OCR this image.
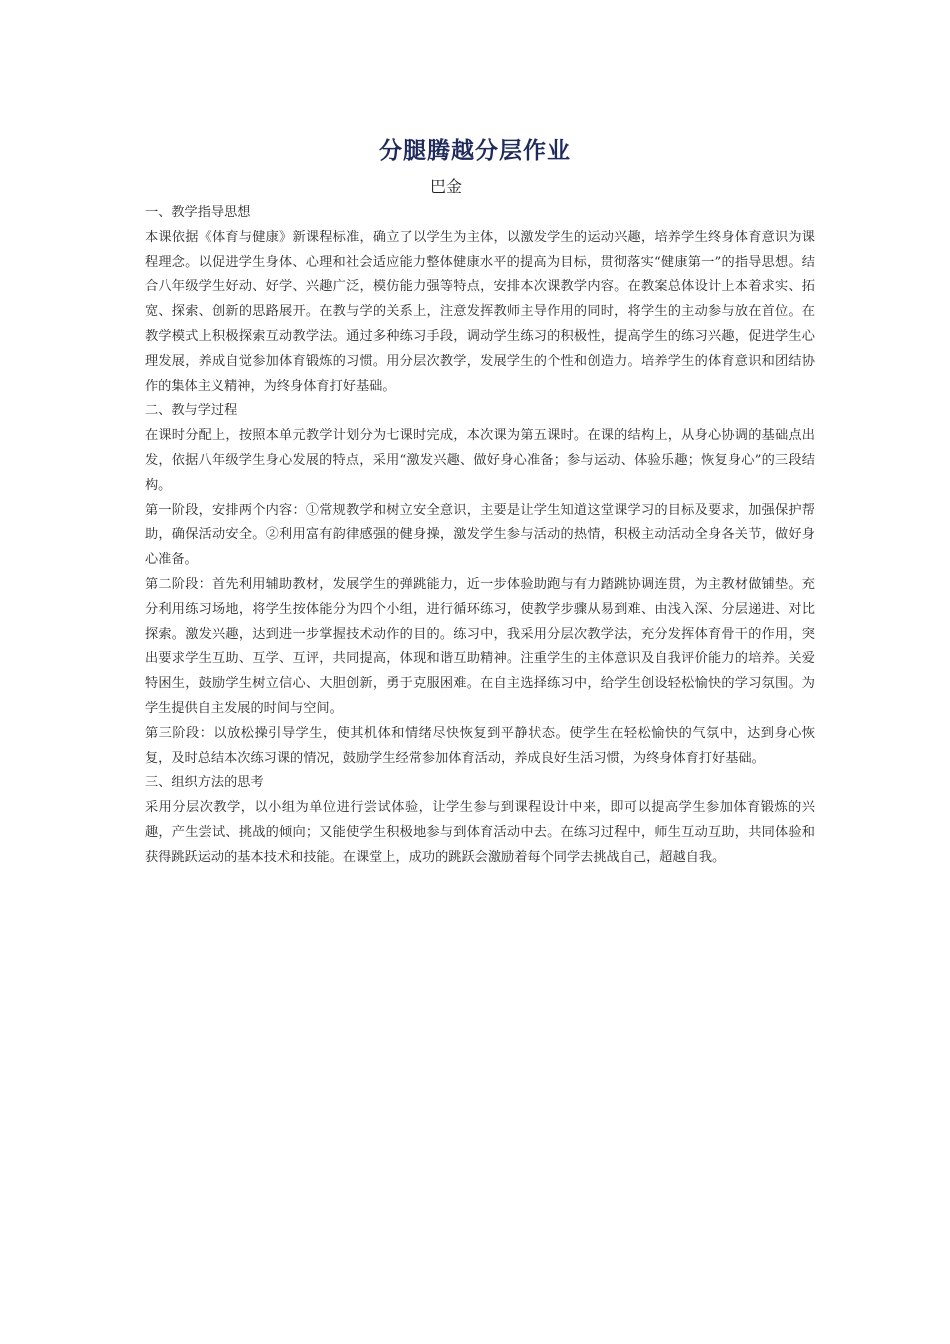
分腿腾越分层作业
巴金

一、教学指导思想

本课依据《体育与健康》新课程标准，确立了以学生为主体，以激发学生的运动兴趣，培养学生终身体育意识为课程理念。以促进学生身体、心理和社会适应能力整体健康水平的提高为目标，贯彻落实“健康第一”的指导思想。结合八年级学生好动、好学、兴趣广泛，模仿能力强等特点，安排本次课教学内容。在教案总体设计上本着求实、拓宽、探索、创新的思路展开。在教与学的关系上，注意发挥教师主导作用的同时，将学生的主动参与放在首位。在教学模式上积极探索互动教学法。通过多种练习手段，调动学生练习的积极性，提高学生的练习兴趣，促进学生心理发展，养成自觉参加体育锻炼的习惯。用分层次教学，发展学生的个性和创造力。培养学生的体育意识和团结协作的集体主义精神，为终身体育打好基础。

二、教与学过程

在课时分配上，按照本单元教学计划分为七课时完成，本次课为第五课时。在课的结构上，从身心协调的基础点出发，依据八年级学生身心发展的特点，采用“激发兴趣、做好身心准备；参与运动、体验乐趣；恢复身心”的三段结构。

第一阶段，安排两个内容：①常规教学和树立安全意识，主要是让学生知道这堂课学习的目标及要求，加强保护帮助，确保活动安全。②利用富有韵律感强的健身操，激发学生参与活动的热情，积极主动活动全身各关节，做好身心准备。

第二阶段：首先利用辅助教材，发展学生的弹跳能力，近一步体验助跑与有力踏跳协调连贯，为主教材做铺垫。充分利用练习场地，将学生按体能分为四个小组，进行循环练习，使教学步骤从易到难、由浅入深、分层递进、对比探索。激发兴趣，达到进一步掌握技术动作的目的。练习中，我采用分层次教学法，充分发挥体育骨干的作用，突出要求学生互助、互学、互评，共同提高，体现和谐互助精神。注重学生的主体意识及自我评价能力的培养。关爱特困生，鼓励学生树立信心、大胆创新，勇于克服困难。在自主选择练习中，给学生创设轻松愉快的学习氛围。为学生提供自主发展的时间与空间。

第三阶段：以放松操引导学生，使其机体和情绪尽快恢复到平静状态。使学生在轻松愉快的气氛中，达到身心恢复，及时总结本次练习课的情况，鼓励学生经常参加体育活动，养成良好生活习惯，为终身体育打好基础。

三、组织方法的思考

采用分层次教学，以小组为单位进行尝试体验，让学生参与到课程设计中来，即可以提高学生参加体育锻炼的兴趣，产生尝试、挑战的倾向；又能使学生积极地参与到体育活动中去。在练习过程中，师生互动互助，共同体验和获得跳跃运动的基本技术和技能。在课堂上，成功的跳跃会激励着每个同学去挑战自己，超越自我。
